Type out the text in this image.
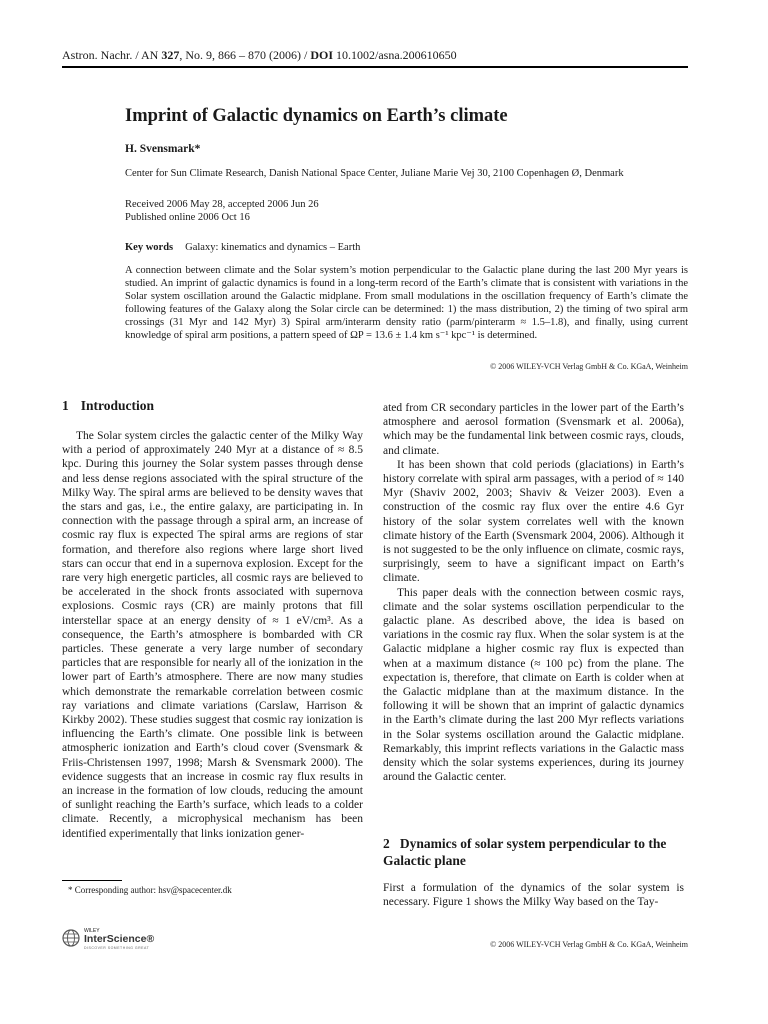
Astron. Nachr. / AN 327, No. 9, 866 – 870 (2006) / DOI 10.1002/asna.200610650
Imprint of Galactic dynamics on Earth’s climate
H. Svensmark*
Center for Sun Climate Research, Danish National Space Center, Juliane Marie Vej 30, 2100 Copenhagen Ø, Denmark
Received 2006 May 28, accepted 2006 Jun 26
Published online 2006 Oct 16
Key words Galaxy: kinematics and dynamics – Earth

A connection between climate and the Solar system’s motion perpendicular to the Galactic plane during the last 200 Myr years is studied. An imprint of galactic dynamics is found in a long-term record of the Earth’s climate that is consistent with variations in the Solar system oscillation around the Galactic midplane. From small modulations in the oscillation frequency of Earth’s climate the following features of the Galaxy along the Solar circle can be determined: 1) the mass distribution, 2) the timing of two spiral arm crossings (31 Myr and 142 Myr) 3) Spiral arm/interarm density ratio (ρarm/ρinterarm ≈ 1.5–1.8), and finally, using current knowledge of spiral arm positions, a pattern speed of ΩP = 13.6 ± 1.4 km s⁻¹ kpc⁻¹ is determined.

© 2006 WILEY-VCH Verlag GmbH & Co. KGaA, Weinheim
1 Introduction

The Solar system circles the galactic center of the Milky Way with a period of approximately 240 Myr at a distance of ≈ 8.5 kpc. During this journey the Solar system passes through dense and less dense regions associated with the spiral structure of the Milky Way. The spiral arms are believed to be density waves that the stars and gas, i.e., the entire galaxy, are participating in. In connection with the passage through a spiral arm, an increase of cosmic ray flux is expected The spiral arms are regions of star formation, and therefore also regions where large short lived stars can occur that end in a supernova explosion. Except for the rare very high energetic particles, all cosmic rays are believed to be accelerated in the shock fronts associated with supernova explosions. Cosmic rays (CR) are mainly protons that fill interstellar space at an energy density of ≈ 1 eV/cm³. As a consequence, the Earth’s atmosphere is bombarded with CR particles. These generate a very large number of secondary particles that are responsible for nearly all of the ionization in the lower part of Earth’s atmosphere. There are now many studies which demonstrate the remarkable correlation between cosmic ray variations and climate variations (Carslaw, Harrison & Kirkby 2002). These studies suggest that cosmic ray ionization is influencing the Earth’s climate. One possible link is between atmospheric ionization and Earth’s cloud cover (Svensmark & Friis-Christensen 1997, 1998; Marsh & Svensmark 2000). The evidence suggests that an increase in cosmic ray flux results in an increase in the formation of low clouds, reducing the amount of sunlight reaching the Earth’s surface, which leads to a colder climate. Recently, a microphysical mechanism has been identified experimentally that links ionization gener-

ated from CR secondary particles in the lower part of the Earth’s atmosphere and aerosol formation (Svensmark et al. 2006a), which may be the fundamental link between cosmic rays, clouds, and climate.

It has been shown that cold periods (glaciations) in Earth’s history correlate with spiral arm passages, with a period of ≈ 140 Myr (Shaviv 2002, 2003; Shaviv & Veizer 2003). Even a construction of the cosmic ray flux over the entire 4.6 Gyr history of the solar system correlates well with the known climate history of the Earth (Svensmark 2004, 2006). Although it is not suggested to be the only influence on climate, cosmic rays, surprisingly, seem to have a significant impact on Earth’s climate.

This paper deals with the connection between cosmic rays, climate and the solar systems oscillation perpendicular to the galactic plane. As described above, the idea is based on variations in the cosmic ray flux. When the solar system is at the Galactic midplane a higher cosmic ray flux is expected than when at a maximum distance (≈ 100 pc) from the plane. The expectation is, therefore, that climate on Earth is colder when at the Galactic midplane than at the maximum distance. In the following it will be shown that an imprint of galactic dynamics in the Earth’s climate during the last 200 Myr reflects variations in the Solar systems oscillation around the Galactic midplane. Remarkably, this imprint reflects variations in the Galactic mass density which the solar systems experiences, during its journey around the Galactic center.

2 Dynamics of solar system perpendicular to the Galactic plane

First a formulation of the dynamics of the solar system is necessary. Figure 1 shows the Milky Way based on the Tay-

* Corresponding author: hsv@spacecenter.dk
WILEY
InterScience®
DISCOVER SOMETHING GREAT	© 2006 WILEY-VCH Verlag GmbH & Co. KGaA, Weinheim
